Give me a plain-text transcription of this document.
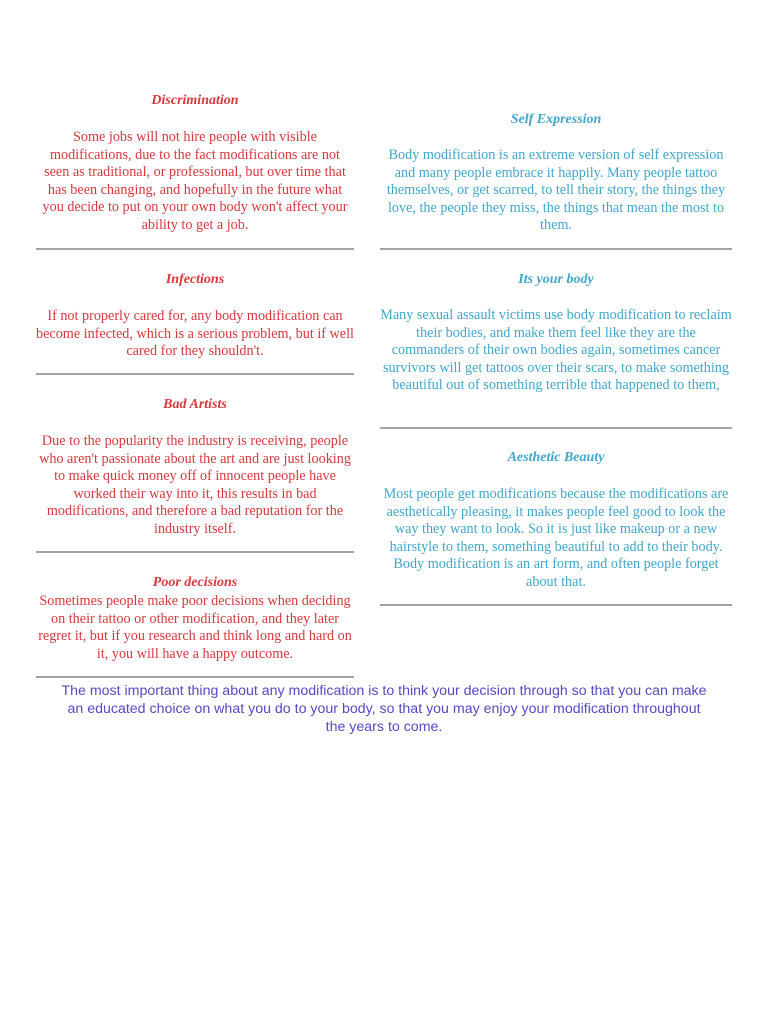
Discrimination
Some jobs will not hire people with visible modifications, due to the fact modifications are not seen as traditional, or professional, but over time that has been changing, and hopefully in the future what you decide to put on your own body won't affect your ability to get a job.
Infections
If not properly cared for, any body modification can become infected, which is a serious problem, but if well cared for they shouldn't.
Bad Artists
Due to the popularity the industry is receiving, people who aren't passionate about the art and are just looking to make quick money off of innocent people have worked their way into it, this results in bad modifications, and therefore a bad reputation for the industry itself.
Poor decisions
Sometimes people make poor decisions when deciding on their tattoo or other modification, and they later regret it, but if you research and think long and hard on it, you will have a happy outcome.
Self Expression
Body modification is an extreme version of self expression and many people embrace it happily. Many people tattoo themselves, or get scarred, to tell their story, the things they love, the people they miss, the things that mean the most to them.
Its your body
Many sexual assault victims use body modification to reclaim their bodies, and make them feel like they are the commanders of their own bodies again, sometimes cancer survivors will get tattoos over their scars, to make something beautiful out of something terrible that happened to them,
Aesthetic Beauty
Most people get modifications because the modifications are aesthetically pleasing, it makes people feel good to look the way they want to look. So it is just like makeup or a new hairstyle to them, something beautiful to add to their body. Body modification is an art form, and often people forget about that.
The most important thing about any modification is to think your decision through so that you can make an educated choice on what you do to your body, so that you may enjoy your modification throughout the years to come.
